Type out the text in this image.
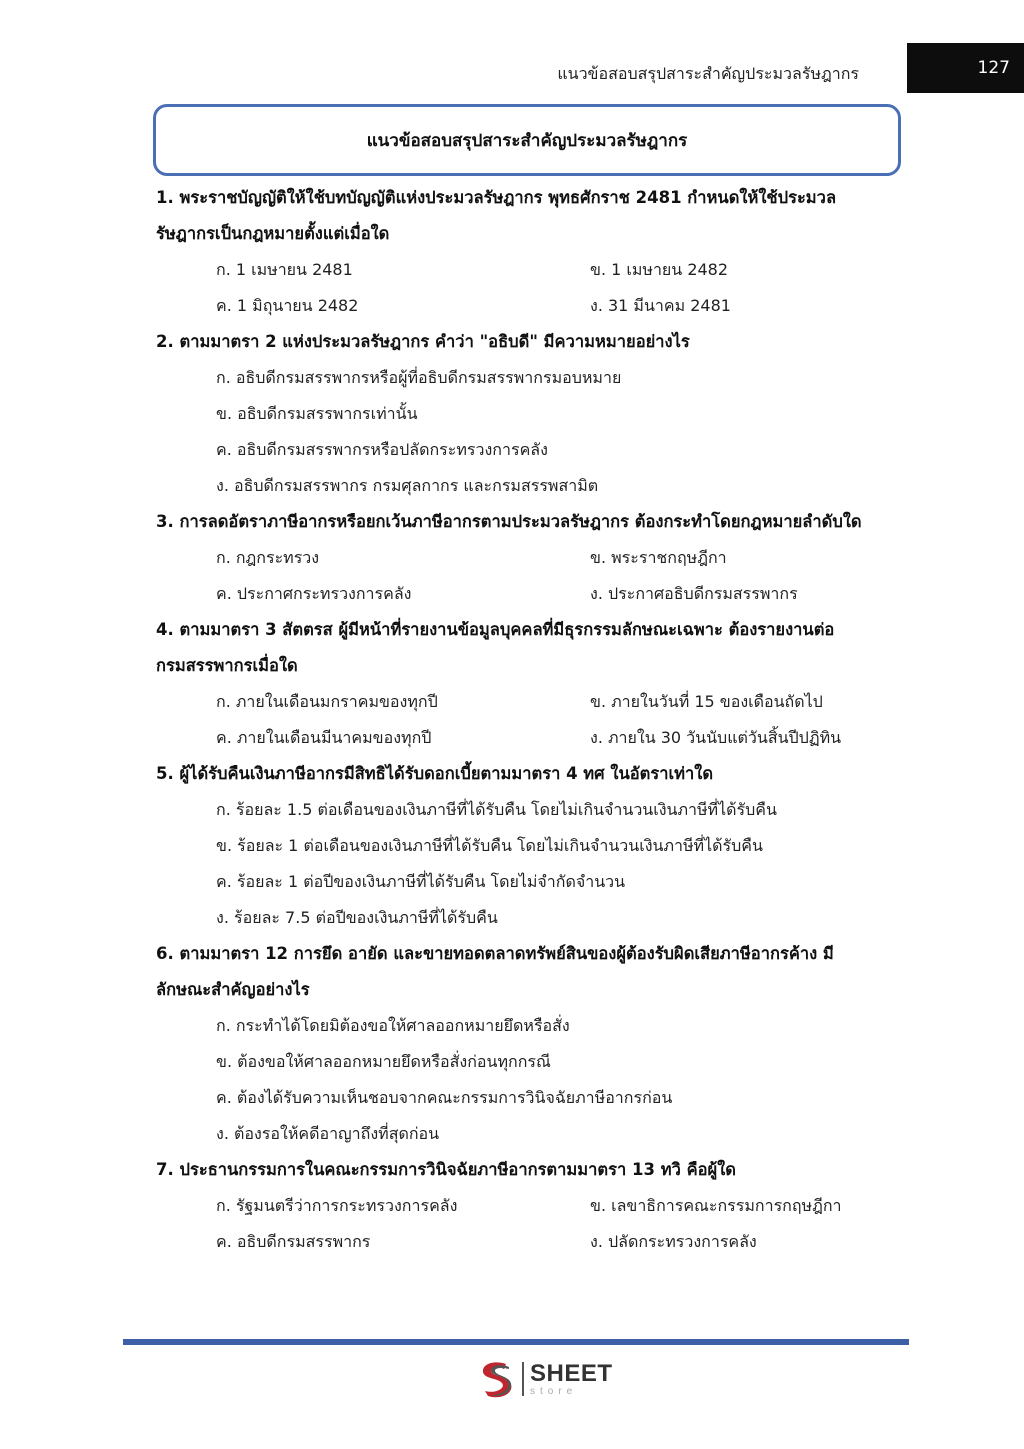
แนวข้อสอบสรุปสาระสำคัญประมวลรัษฎากร	127
แนวข้อสอบสรุปสาระสำคัญประมวลรัษฎากร
1. พระราชบัญญัติให้ใช้บทบัญญัติแห่งประมวลรัษฎากร พุทธศักราช 2481 กำหนดให้ใช้ประมวล
รัษฎากรเป็นกฎหมายตั้งแต่เมื่อใด
ก. 1 เมษายน 2481	ข. 1 เมษายน 2482
ค. 1 มิถุนายน 2482	ง. 31 มีนาคม 2481
2. ตามมาตรา 2 แห่งประมวลรัษฎากร คำว่า "อธิบดี" มีความหมายอย่างไร
ก. อธิบดีกรมสรรพากรหรือผู้ที่อธิบดีกรมสรรพากรมอบหมาย
ข. อธิบดีกรมสรรพากรเท่านั้น
ค. อธิบดีกรมสรรพากรหรือปลัดกระทรวงการคลัง
ง. อธิบดีกรมสรรพากร กรมศุลกากร และกรมสรรพสามิต
3. การลดอัตราภาษีอากรหรือยกเว้นภาษีอากรตามประมวลรัษฎากร ต้องกระทำโดยกฎหมายลำดับใด
ก. กฎกระทรวง	ข. พระราชกฤษฎีกา
ค. ประกาศกระทรวงการคลัง	ง. ประกาศอธิบดีกรมสรรพากร
4. ตามมาตรา 3 สัตตรส ผู้มีหน้าที่รายงานข้อมูลบุคคลที่มีธุรกรรมลักษณะเฉพาะ ต้องรายงานต่อ
กรมสรรพากรเมื่อใด
ก. ภายในเดือนมกราคมของทุกปี	ข. ภายในวันที่ 15 ของเดือนถัดไป
ค. ภายในเดือนมีนาคมของทุกปี	ง. ภายใน 30 วันนับแต่วันสิ้นปีปฏิทิน
5. ผู้ได้รับคืนเงินภาษีอากรมีสิทธิได้รับดอกเบี้ยตามมาตรา 4 ทศ ในอัตราเท่าใด
ก. ร้อยละ 1.5 ต่อเดือนของเงินภาษีที่ได้รับคืน โดยไม่เกินจำนวนเงินภาษีที่ได้รับคืน
ข. ร้อยละ 1 ต่อเดือนของเงินภาษีที่ได้รับคืน โดยไม่เกินจำนวนเงินภาษีที่ได้รับคืน
ค. ร้อยละ 1 ต่อปีของเงินภาษีที่ได้รับคืน โดยไม่จำกัดจำนวน
ง. ร้อยละ 7.5 ต่อปีของเงินภาษีที่ได้รับคืน
6. ตามมาตรา 12 การยึด อายัด และขายทอดตลาดทรัพย์สินของผู้ต้องรับผิดเสียภาษีอากรค้าง มี
ลักษณะสำคัญอย่างไร
ก. กระทำได้โดยมิต้องขอให้ศาลออกหมายยึดหรือสั่ง
ข. ต้องขอให้ศาลออกหมายยึดหรือสั่งก่อนทุกกรณี
ค. ต้องได้รับความเห็นชอบจากคณะกรรมการวินิจฉัยภาษีอากรก่อน
ง. ต้องรอให้คดีอาญาถึงที่สุดก่อน
7. ประธานกรรมการในคณะกรรมการวินิจฉัยภาษีอากรตามมาตรา 13 ทวิ คือผู้ใด
ก. รัฐมนตรีว่าการกระทรวงการคลัง	ข. เลขาธิการคณะกรรมการกฤษฎีกา
ค. อธิบดีกรมสรรพากร	ง. ปลัดกระทรวงการคลัง
SHEET
store
